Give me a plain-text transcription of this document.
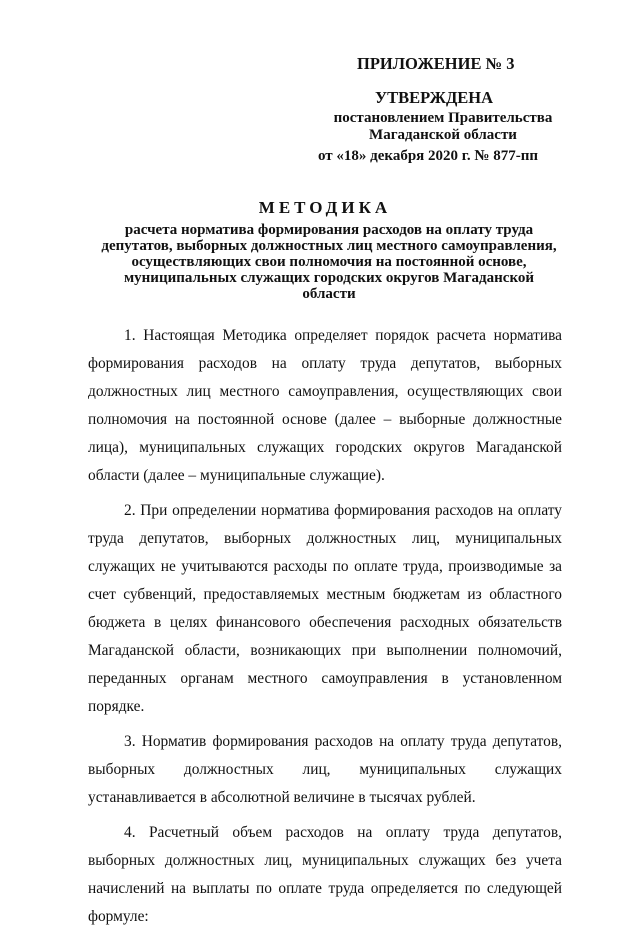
ПРИЛОЖЕНИЕ № 3
УТВЕРЖДЕНА
постановлением Правительства
Магаданской области
от «18» декабря 2020 г. № 877-пп
МЕТОДИКА
расчета норматива формирования расходов на оплату труда депутатов, выборных должностных лиц местного самоуправления, осуществляющих свои полномочия на постоянной основе, муниципальных служащих городских округов Магаданской области

1. Настоящая Методика определяет порядок расчета норматива формирования расходов на оплату труда депутатов, выборных должностных лиц местного самоуправления, осуществляющих свои полномочия на постоянной основе (далее – выборные должностные лица), муниципальных служащих городских округов Магаданской области (далее – муниципальные служащие).

2. При определении норматива формирования расходов на оплату труда депутатов, выборных должностных лиц, муниципальных служащих не учитываются расходы по оплате труда, производимые за счет субвенций, предоставляемых местным бюджетам из областного бюджета в целях финансового обеспечения расходных обязательств Магаданской области, возникающих при выполнении полномочий, переданных органам местного самоуправления в установленном порядке.

3. Норматив формирования расходов на оплату труда депутатов, выборных должностных лиц, муниципальных служащих устанавливается в абсолютной величине в тысячах рублей.

4. Расчетный объем расходов на оплату труда депутатов, выборных должностных лиц, муниципальных служащих без учета начислений на выплаты по оплате труда определяется по следующей формуле:
